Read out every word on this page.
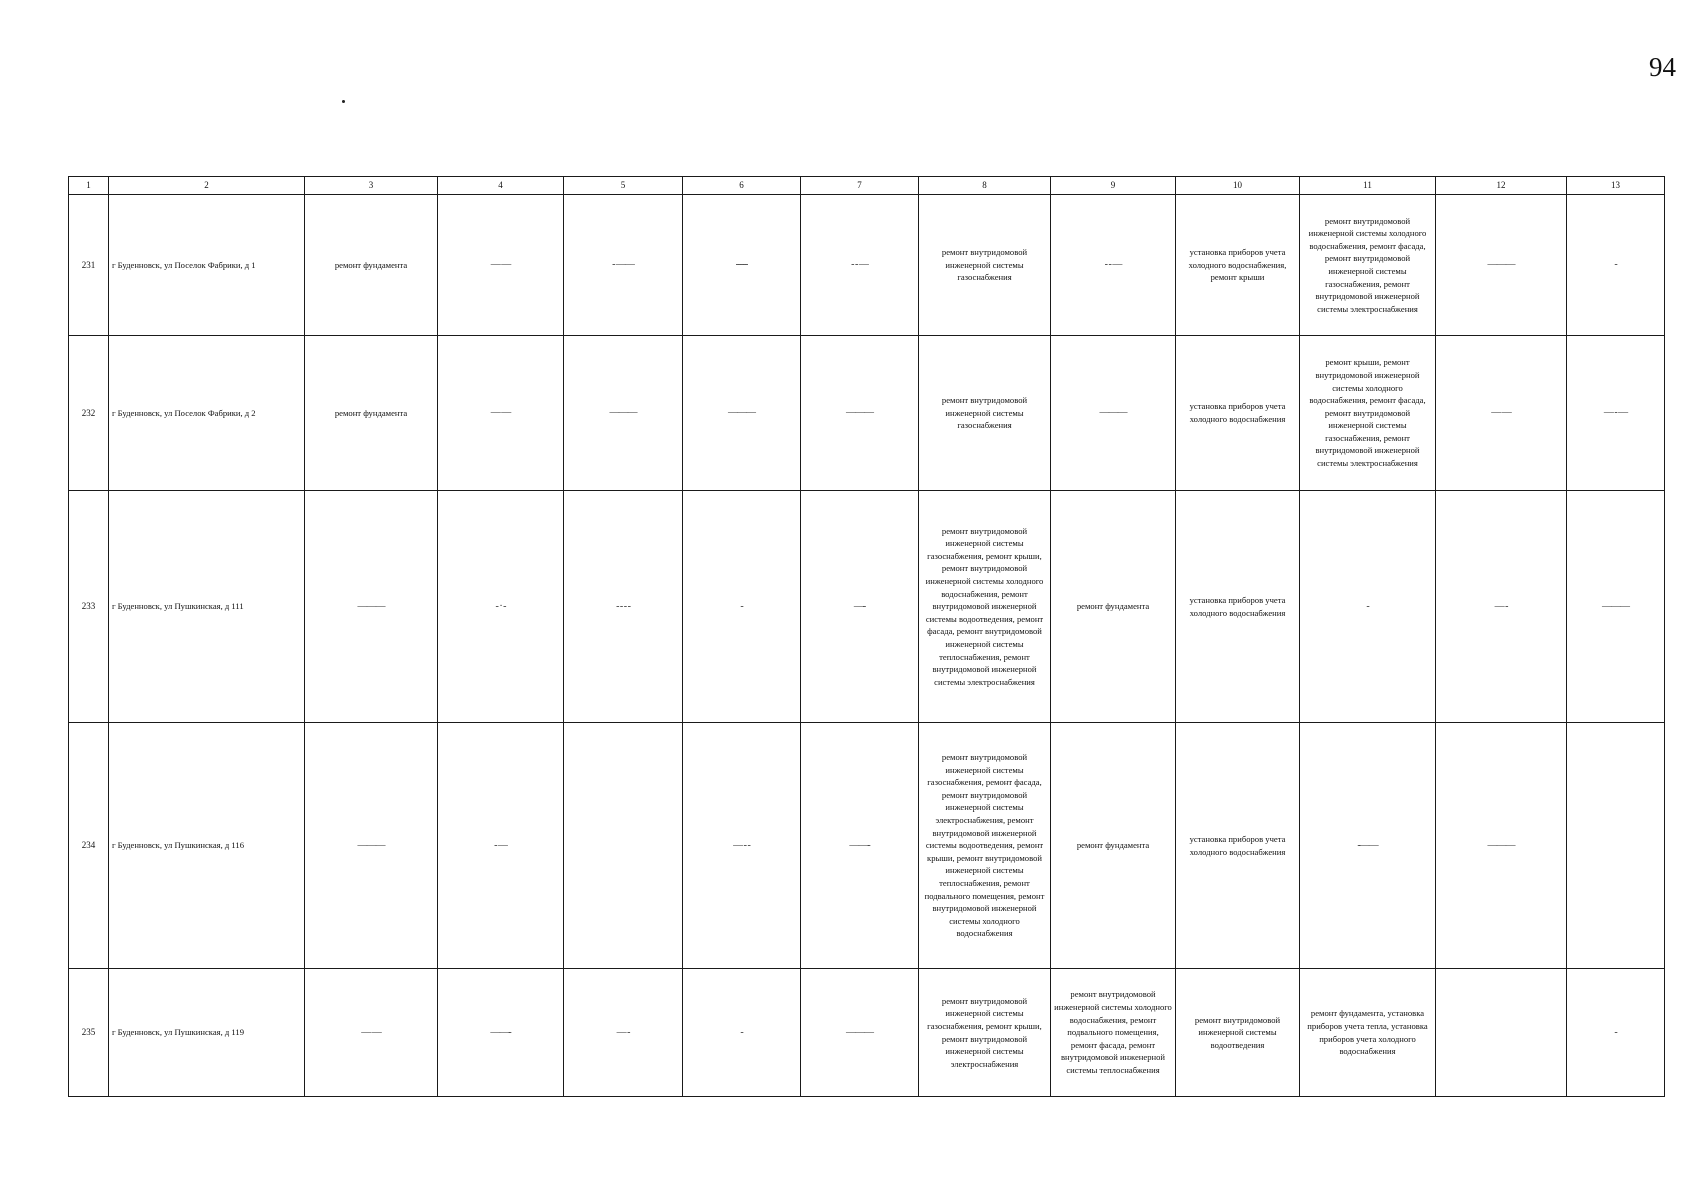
94
1	2	3	4	5	6	7	8	9	10	11	12	13
231	г Буденновск, ул Поселок Фабрики, д 1	ремонт фундамента	— —	- ——	-----	- - —	ремонт внутридомовой инженерной системы газоснабжения	- - —	установка приборов учета холодного водоснабжения, ремонт крыши	ремонт внутридомовой инженерной системы холодного водоснабжения, ремонт фасада, ремонт внутридомовой инженерной системы газоснабжения, ремонт внутридомовой инженерной системы электроснабжения	———	-
232	г Буденновск, ул Поселок Фабрики, д 2	ремонт фундамента	— —	———	———	———	ремонт внутридомовой инженерной системы газоснабжения	———	установка приборов учета холодного водоснабжения	ремонт крыши, ремонт внутридомовой инженерной системы холодного водоснабжения, ремонт фасада, ремонт внутридомовой инженерной системы газоснабжения, ремонт внутридомовой инженерной системы электроснабжения	— —	— - —
233	г Буденновск, ул Пушкинская, д 111	———	- · -	- - - -	-	—-	ремонт внутридомовой инженерной системы газоснабжения, ремонт крыши, ремонт внутридомовой инженерной системы холодного водоснабжения, ремонт внутридомовой инженерной системы водоотведения, ремонт фасада, ремонт внутридомовой инженерной системы теплоснабжения, ремонт внутридомовой инженерной системы электроснабжения	ремонт фундамента	установка приборов учета холодного водоснабжения	-	— -	———
234	г Буденновск, ул Пушкинская, д 116	———	- —		— - -	——-	ремонт внутридомовой инженерной системы газоснабжения, ремонт фасада, ремонт внутридомовой инженерной системы электроснабжения, ремонт внутридомовой инженерной системы водоотведения, ремонт крыши, ремонт внутридомовой инженерной системы теплоснабжения, ремонт подвального помещения, ремонт внутридомовой инженерной системы холодного водоснабжения	ремонт фундамента	установка приборов учета холодного водоснабжения	-——	———	
235	г Буденновск, ул Пушкинская, д 119	— —	——-	— -	-	———	ремонт внутридомовой инженерной системы газоснабжения, ремонт крыши, ремонт внутридомовой инженерной системы электроснабжения	ремонт внутридомовой инженерной системы холодного водоснабжения, ремонт подвального помещения, ремонт фасада, ремонт внутридомовой инженерной системы теплоснабжения	ремонт внутридомовой инженерной системы водоотведения	ремонт фундамента, установка приборов учета тепла, установка приборов учета холодного водоснабжения		-
